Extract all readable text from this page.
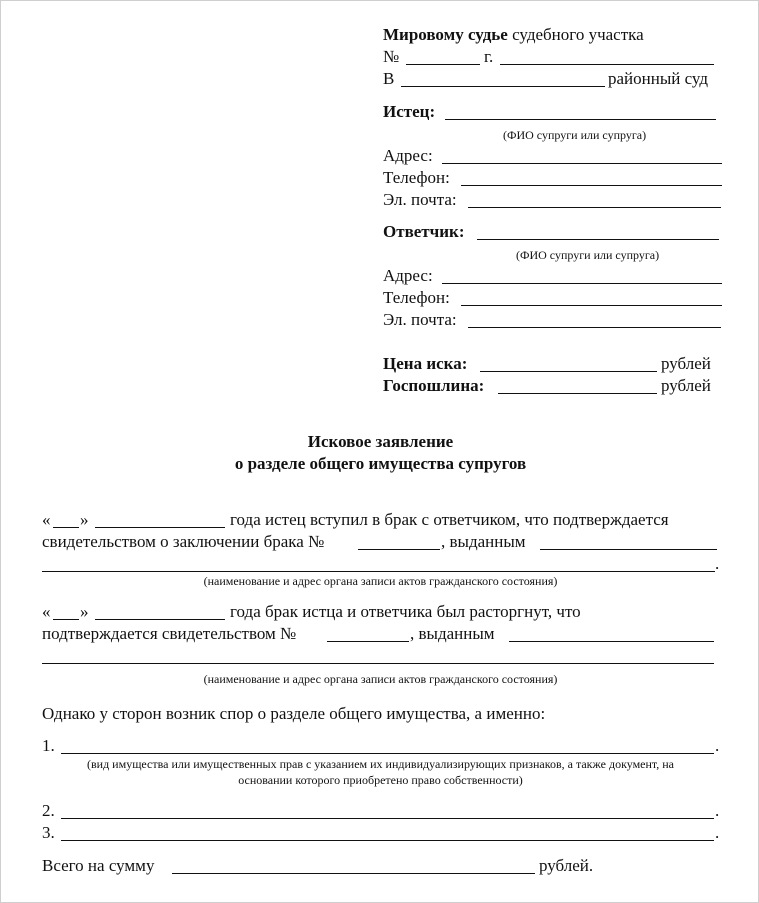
Мировому судье судебного участка
№	г.
В	районный суд
Истец:
(ФИО супруги или супруга)
Адрес:
Телефон:
Эл. почта:
Ответчик:
(ФИО супруги или супруга)
Адрес:
Телефон:
Эл. почта:
Цена иска:	рублей
Госпошлина:	рублей
Исковое заявление
о разделе общего имущества супругов
« »	года истец вступил в брак с ответчиком, что подтверждается
свидетельством о заключении брака №	, выданным
.
(наименование и адрес органа записи актов гражданского состояния)
« »	года брак истца и ответчика был расторгнут, что
подтверждается свидетельством №	, выданным
(наименование и адрес органа записи актов гражданского состояния)
Однако у сторон возник спор о разделе общего имущества, а именно:
1.	.
(вид имущества или имущественных прав с указанием их индивидуализирующих признаков, а также документ, на
основании которого приобретено право собственности)
2.	.
3.	.
Всего на сумму	рублей.
